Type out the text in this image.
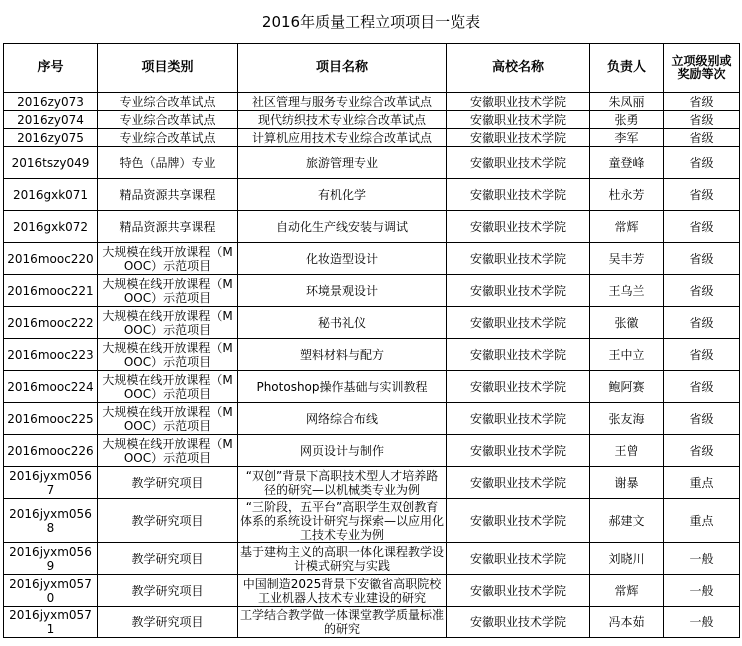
2016年质量工程立项项目一览表
序号	项目类别	项目名称	高校名称	负责人	立项级别或奖励等次
2016zy073	专业综合改革试点	社区管理与服务专业综合改革试点	安徽职业技术学院	朱凤丽	省级
2016zy074	专业综合改革试点	现代纺织技术专业综合改革试点	安徽职业技术学院	张勇	省级
2016zy075	专业综合改革试点	计算机应用技术专业综合改革试点	安徽职业技术学院	李军	省级
2016tszy049	特色（品牌）专业	旅游管理专业	安徽职业技术学院	童登峰	省级
2016gxk071	精品资源共享课程	有机化学	安徽职业技术学院	杜永芳	省级
2016gxk072	精品资源共享课程	自动化生产线安装与调试	安徽职业技术学院	常辉	省级
2016mooc220	大规模在线开放课程（MOOC）示范项目	化妆造型设计	安徽职业技术学院	吴丰芳	省级
2016mooc221	大规模在线开放课程（MOOC）示范项目	环境景观设计	安徽职业技术学院	王乌兰	省级
2016mooc222	大规模在线开放课程（MOOC）示范项目	秘书礼仪	安徽职业技术学院	张徽	省级
2016mooc223	大规模在线开放课程（MOOC）示范项目	塑料材料与配方	安徽职业技术学院	王中立	省级
2016mooc224	大规模在线开放课程（MOOC）示范项目	Photoshop操作基础与实训教程	安徽职业技术学院	鲍阿赛	省级
2016mooc225	大规模在线开放课程（MOOC）示范项目	网络综合布线	安徽职业技术学院	张友海	省级
2016mooc226	大规模在线开放课程（MOOC）示范项目	网页设计与制作	安徽职业技术学院	王曾	省级
2016jyxm0567	教学研究项目	“双创”背景下高职技术型人才培养路径的研究—以机械类专业为例	安徽职业技术学院	谢暴	重点
2016jyxm0568	教学研究项目	“三阶段，五平台”高职学生双创教育体系的系统设计研究与探索—以应用化工技术专业为例	安徽职业技术学院	郝建文	重点
2016jyxm0569	教学研究项目	基于建构主义的高职一体化课程教学设计模式研究与实践	安徽职业技术学院	刘晓川	一般
2016jyxm0570	教学研究项目	中国制造2025背景下安徽省高职院校工业机器人技术专业建设的研究	安徽职业技术学院	常辉	一般
2016jyxm0571	教学研究项目	工学结合教学做一体课堂教学质量标准的研究	安徽职业技术学院	冯本茹	一般
